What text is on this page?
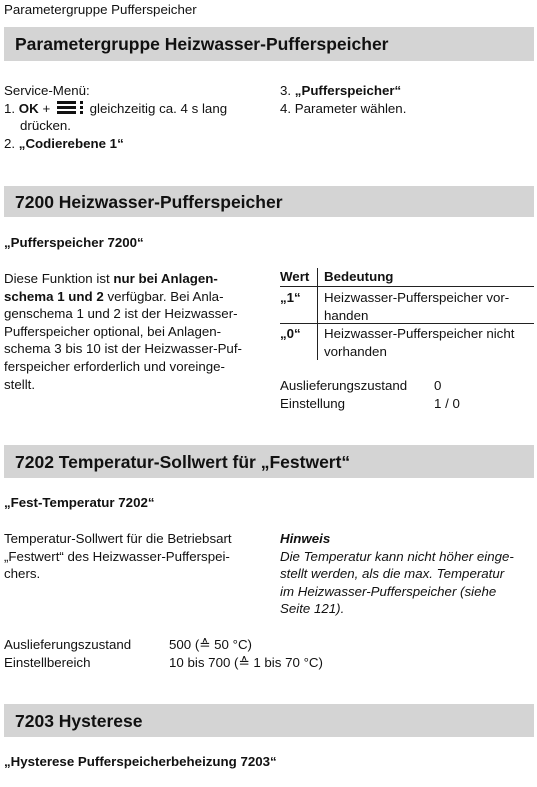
Parametergruppe Pufferspeicher
Parametergruppe Heizwasser-Pufferspeicher
Service-Menü:
1. OK +	gleichzeitig ca. 4 s lang
drücken.
2. „Codierebene 1“
3. „Pufferspeicher“
4. Parameter wählen.
7200 Heizwasser-Pufferspeicher
„Pufferspeicher 7200“
Diese Funktion ist nur bei Anlagen-
schema 1 und 2 verfügbar. Bei Anla-
genschema 1 und 2 ist der Heizwasser-
Pufferspeicher optional, bei Anlagen-
schema 3 bis 10 ist der Heizwasser-Puf-
ferspeicher erforderlich und voreinge-
stellt.
Wert Bedeutung
„1“ Heizwasser-Pufferspeicher vor-
handen
„0“ Heizwasser-Pufferspeicher nicht
vorhanden
Auslieferungszustand 0
Einstellung	1 / 0
7202 Temperatur-Sollwert für „Festwert“
„Fest-Temperatur 7202“
Temperatur-Sollwert für die Betriebsart
„Festwert“ des Heizwasser-Pufferspei-
chers.
Hinweis
Die Temperatur kann nicht höher einge-
stellt werden, als die max. Temperatur
im Heizwasser-Pufferspeicher (siehe
Seite 121).
Auslieferungszustand	500 (≙ 50 °C)
Einstellbereich	10 bis 700 (≙ 1 bis 70 °C)
7203 Hysterese
„Hysterese Pufferspeicherbeheizung 7203“
